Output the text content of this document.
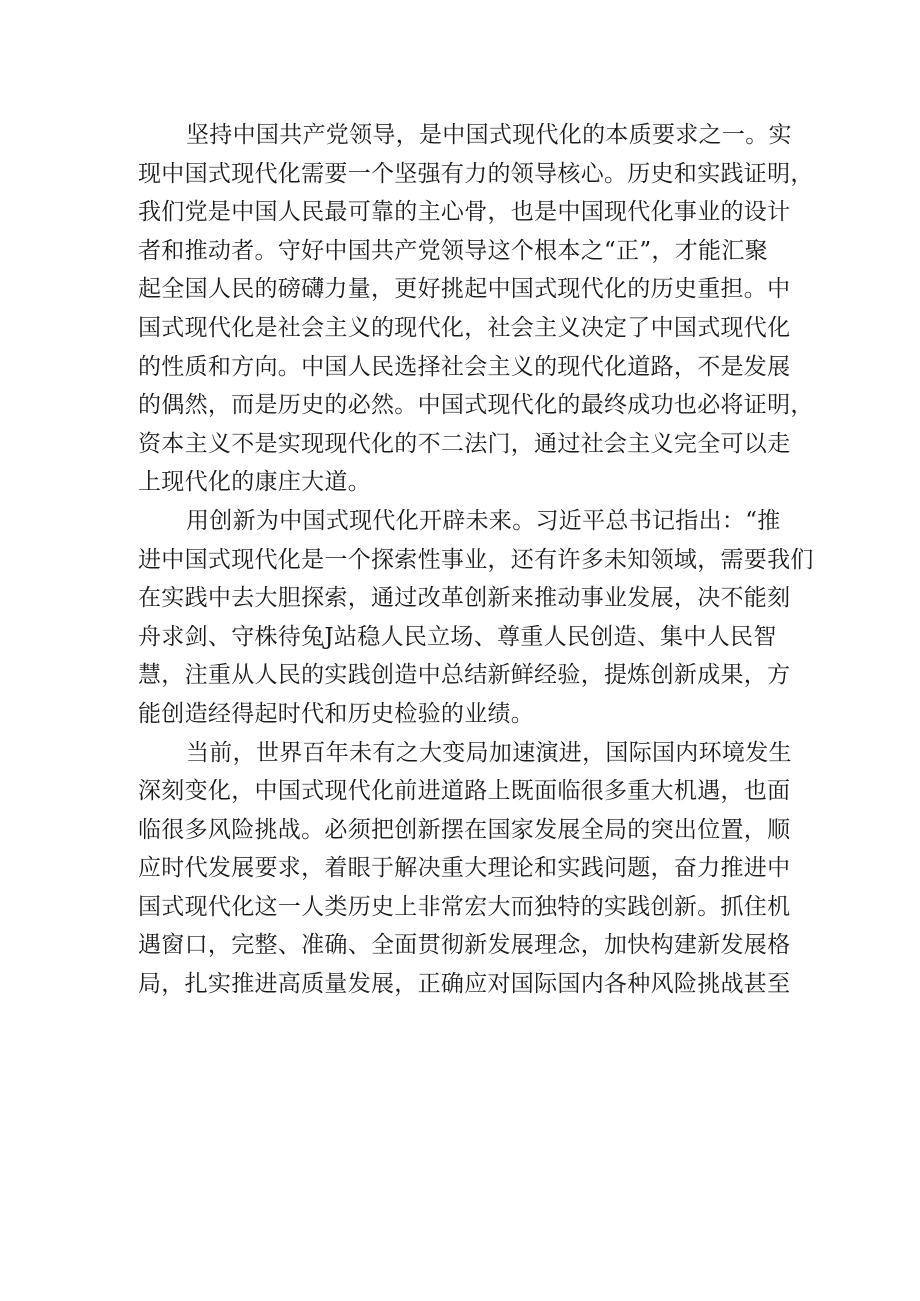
坚持中国共产党领导，是中国式现代化的本质要求之一。实
现中国式现代化需要一个坚强有力的领导核心。历史和实践证明，
我们党是中国人民最可靠的主心骨，也是中国现代化事业的设计
者和推动者。守好中国共产党领导这个根本之“正”，才能汇聚
起全国人民的磅礴力量，更好挑起中国式现代化的历史重担。中
国式现代化是社会主义的现代化，社会主义决定了中国式现代化
的性质和方向。中国人民选择社会主义的现代化道路，不是发展
的偶然，而是历史的必然。中国式现代化的最终成功也必将证明，
资本主义不是实现现代化的不二法门，通过社会主义完全可以走
上现代化的康庄大道。
用创新为中国式现代化开辟未来。习近平总书记指出：“推
进中国式现代化是一个探索性事业，还有许多未知领域，需要我们
在实践中去大胆探索，通过改革创新来推动事业发展，决不能刻
舟求剑、守株待兔J站稳人民立场、尊重人民创造、集中人民智
慧，注重从人民的实践创造中总结新鲜经验，提炼创新成果，方
能创造经得起时代和历史检验的业绩。
当前，世界百年未有之大变局加速演进，国际国内环境发生
深刻变化，中国式现代化前进道路上既面临很多重大机遇，也面
临很多风险挑战。必须把创新摆在国家发展全局的突出位置，顺
应时代发展要求，着眼于解决重大理论和实践问题，奋力推进中
国式现代化这一人类历史上非常宏大而独特的实践创新。抓住机
遇窗口，完整、准确、全面贯彻新发展理念，加快构建新发展格
局，扎实推进高质量发展，正确应对国际国内各种风险挑战甚至
